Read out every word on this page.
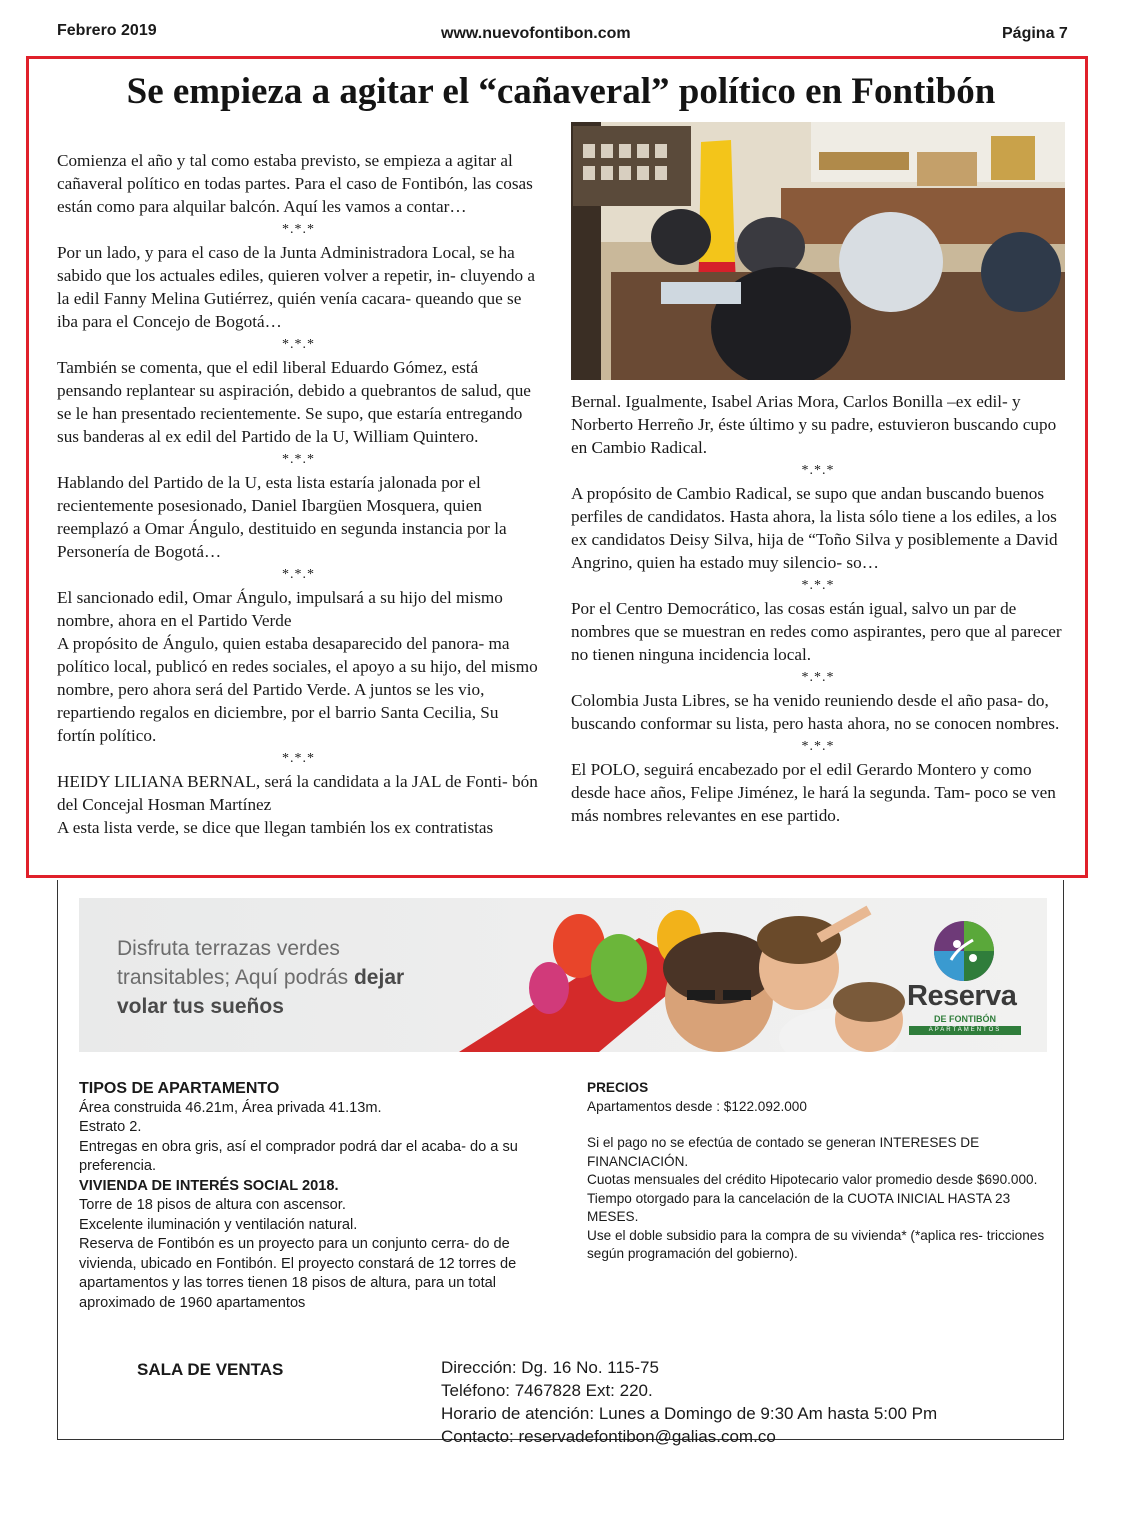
Febrero 2019	www.nuevofontibon.com	Página 7
Se empieza a agitar el “cañaveral” político en Fontibón

Comienza el año y tal como estaba previsto, se empieza a agitar al cañaveral político en todas partes. Para el caso de Fontibón, las cosas están como para alquilar balcón. Aquí les vamos a contar…

*.*.*

Por un lado, y para el caso de la Junta Administradora Local, se ha sabido que los actuales ediles, quieren volver a repetir, in- cluyendo a la edil Fanny Melina Gutiérrez, quién venía cacara- queando que se iba para el Concejo de Bogotá…

*.*.*

También se comenta, que el edil liberal Eduardo Gómez, está pensando replantear su aspiración, debido a quebrantos de salud, que se le han presentado recientemente. Se supo, que estaría entregando sus banderas al ex edil del Partido de la U, William Quintero.

*.*.*

Hablando del Partido de la U, esta lista estaría jalonada por el recientemente posesionado, Daniel Ibargüen Mosquera, quien reemplazó a Omar Ángulo, destituido en segunda instancia por la Personería de Bogotá…

*.*.*

El sancionado edil, Omar Ángulo, impulsará a su hijo del mismo nombre, ahora en el Partido Verde

A propósito de Ángulo, quien estaba desaparecido del panora- ma político local, publicó en redes sociales, el apoyo a su hijo, del mismo nombre, pero ahora será del Partido Verde. A juntos se les vio, repartiendo regalos en diciembre, por el barrio Santa Cecilia, Su fortín político.

*.*.*

HEIDY LILIANA BERNAL, será la candidata a la JAL de Fonti- bón del Concejal Hosman Martínez

A esta lista verde, se dice que llegan también los ex contratistas

Bernal. Igualmente, Isabel Arias Mora, Carlos Bonilla –ex edil- y Norberto Herreño Jr, éste último y su padre, estuvieron buscando cupo en Cambio Radical.

*.*.*

A propósito de Cambio Radical, se supo que andan buscando buenos perfiles de candidatos. Hasta ahora, la lista sólo tiene a los ediles, a los ex candidatos Deisy Silva, hija de “Toño Silva y posiblemente a David Angrino, quien ha estado muy silencio- so…

*.*.*

Por el Centro Democrático, las cosas están igual, salvo un par de nombres que se muestran en redes como aspirantes, pero que al parecer no tienen ninguna incidencia local.

*.*.*

Colombia Justa Libres, se ha venido reuniendo desde el año pasa- do, buscando conformar su lista, pero hasta ahora, no se conocen nombres.

*.*.*

El POLO, seguirá encabezado por el edil Gerardo Montero y como desde hace años, Felipe Jiménez, le hará la segunda. Tam- poco se ven más nombres relevantes en ese partido.

Disfruta terrazas verdes
transitables; Aquí podrás dejar
volar tus sueños	Reserva
DE FONTIBÓN
APARTAMENTOS

TIPOS DE APARTAMENTO

Área construida 46.21m, Área privada 41.13m.

Estrato 2.

Entregas en obra gris, así el comprador podrá dar el acaba- do a su preferencia.

VIVIENDA DE INTERÉS SOCIAL 2018.

Torre de 18 pisos de altura con ascensor.

Excelente iluminación y ventilación natural.

Reserva de Fontibón es un proyecto para un conjunto cerra- do de vivienda, ubicado en Fontibón. El proyecto constará de 12 torres de apartamentos y las torres tienen 18 pisos de altura, para un total aproximado de 1960 apartamentos

PRECIOS

Apartamentos desde : $122.092.000

Si el pago no se efectúa de contado se generan INTERESES DE FINANCIACIÓN.

Cuotas mensuales del crédito Hipotecario valor promedio desde $690.000.

Tiempo otorgado para la cancelación de la CUOTA INICIAL HASTA 23 MESES.

Use el doble subsidio para la compra de su vivienda* (*aplica res- tricciones según programación del gobierno).

SALA DE VENTAS	Dirección: Dg. 16 No. 115-75

Teléfono: 7467828 Ext: 220.

Horario de atención: Lunes a Domingo de 9:30 Am hasta 5:00 Pm

Contacto: reservadefontibon@galias.com.co
